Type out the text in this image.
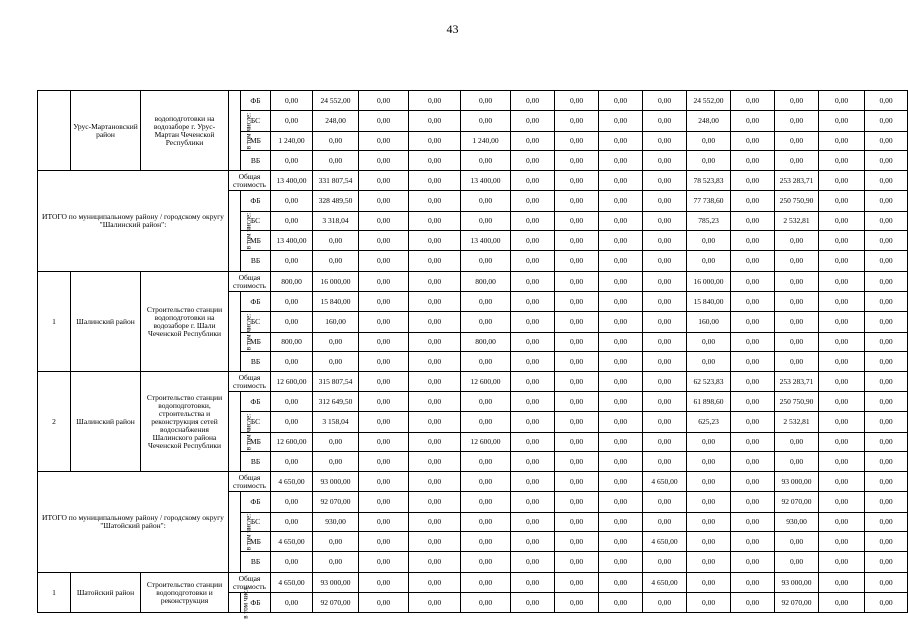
43
	Урус-Мартановский район	водоподготовки на водозаборе г. Урус-Мартан Чеченской Республики	в том числе:	ФБ	0,00	24 552,00	0,00	0,00	0,00	0,00	0,00	0,00	0,00	24 552,00	0,00	0,00	0,00	0,00
				БС	0,00	248,00	0,00	0,00	0,00	0,00	0,00	0,00	0,00	248,00	0,00	0,00	0,00	0,00
				МБ	1 240,00	0,00	0,00	0,00	1 240,00	0,00	0,00	0,00	0,00	0,00	0,00	0,00	0,00	0,00
				ВБ	0,00	0,00	0,00	0,00	0,00	0,00	0,00	0,00	0,00	0,00	0,00	0,00	0,00	0,00
ИТОГО по муниципальному району / городскому округу "Шалинский район":			Общая стоимость		13 400,00	331 807,54	0,00	0,00	13 400,00	0,00	0,00	0,00	0,00	78 523,83	0,00	253 283,71	0,00	0,00
			в том числе:	ФБ	0,00	328 489,50	0,00	0,00	0,00	0,00	0,00	0,00	0,00	77 738,60	0,00	250 750,90	0,00	0,00
				БС	0,00	3 318,04	0,00	0,00	0,00	0,00	0,00	0,00	0,00	785,23	0,00	2 532,81	0,00	0,00
				МБ	13 400,00	0,00	0,00	0,00	13 400,00	0,00	0,00	0,00	0,00	0,00	0,00	0,00	0,00	0,00
				ВБ	0,00	0,00	0,00	0,00	0,00	0,00	0,00	0,00	0,00	0,00	0,00	0,00	0,00	0,00
1	Шалинский район	Строительство станции водоподготовки на водозаборе г. Шали Чеченской Республики	Общая стоимость		800,00	16 000,00	0,00	0,00	800,00	0,00	0,00	0,00	0,00	16 000,00	0,00	0,00	0,00	0,00
			в том числе:	ФБ	0,00	15 840,00	0,00	0,00	0,00	0,00	0,00	0,00	0,00	15 840,00	0,00	0,00	0,00	0,00
				БС	0,00	160,00	0,00	0,00	0,00	0,00	0,00	0,00	0,00	160,00	0,00	0,00	0,00	0,00
				МБ	800,00	0,00	0,00	0,00	800,00	0,00	0,00	0,00	0,00	0,00	0,00	0,00	0,00	0,00
				ВБ	0,00	0,00	0,00	0,00	0,00	0,00	0,00	0,00	0,00	0,00	0,00	0,00	0,00	0,00
2	Шалинский район	Строительство станции водоподготовки, строительства и реконструкция сетей водоснабжения Шалинского района Чеченской Республики	Общая стоимость		12 600,00	315 807,54	0,00	0,00	12 600,00	0,00	0,00	0,00	0,00	62 523,83	0,00	253 283,71	0,00	0,00
			в том числе:	ФБ	0,00	312 649,50	0,00	0,00	0,00	0,00	0,00	0,00	0,00	61 898,60	0,00	250 750,90	0,00	0,00
				БС	0,00	3 158,04	0,00	0,00	0,00	0,00	0,00	0,00	0,00	625,23	0,00	2 532,81	0,00	0,00
				МБ	12 600,00	0,00	0,00	0,00	12 600,00	0,00	0,00	0,00	0,00	0,00	0,00	0,00	0,00	0,00
				ВБ	0,00	0,00	0,00	0,00	0,00	0,00	0,00	0,00	0,00	0,00	0,00	0,00	0,00	0,00
ИТОГО по муниципальному району / городскому округу "Шатойский район":			Общая стоимость		4 650,00	93 000,00	0,00	0,00	0,00	0,00	0,00	0,00	4 650,00	0,00	0,00	93 000,00	0,00	0,00
			в том числе:	ФБ	0,00	92 070,00	0,00	0,00	0,00	0,00	0,00	0,00	0,00	0,00	0,00	92 070,00	0,00	0,00
				БС	0,00	930,00	0,00	0,00	0,00	0,00	0,00	0,00	0,00	0,00	0,00	930,00	0,00	0,00
				МБ	4 650,00	0,00	0,00	0,00	0,00	0,00	0,00	0,00	4 650,00	0,00	0,00	0,00	0,00	0,00
				ВБ	0,00	0,00	0,00	0,00	0,00	0,00	0,00	0,00	0,00	0,00	0,00	0,00	0,00	0,00
1	Шатойский район	Строительство станции водоподготовки и реконструкция	Общая стоимость		4 650,00	93 000,00	0,00	0,00	0,00	0,00	0,00	0,00	4 650,00	0,00	0,00	93 000,00	0,00	0,00
			в том числ	ФБ	0,00	92 070,00	0,00	0,00	0,00	0,00	0,00	0,00	0,00	0,00	0,00	92 070,00	0,00	0,00
